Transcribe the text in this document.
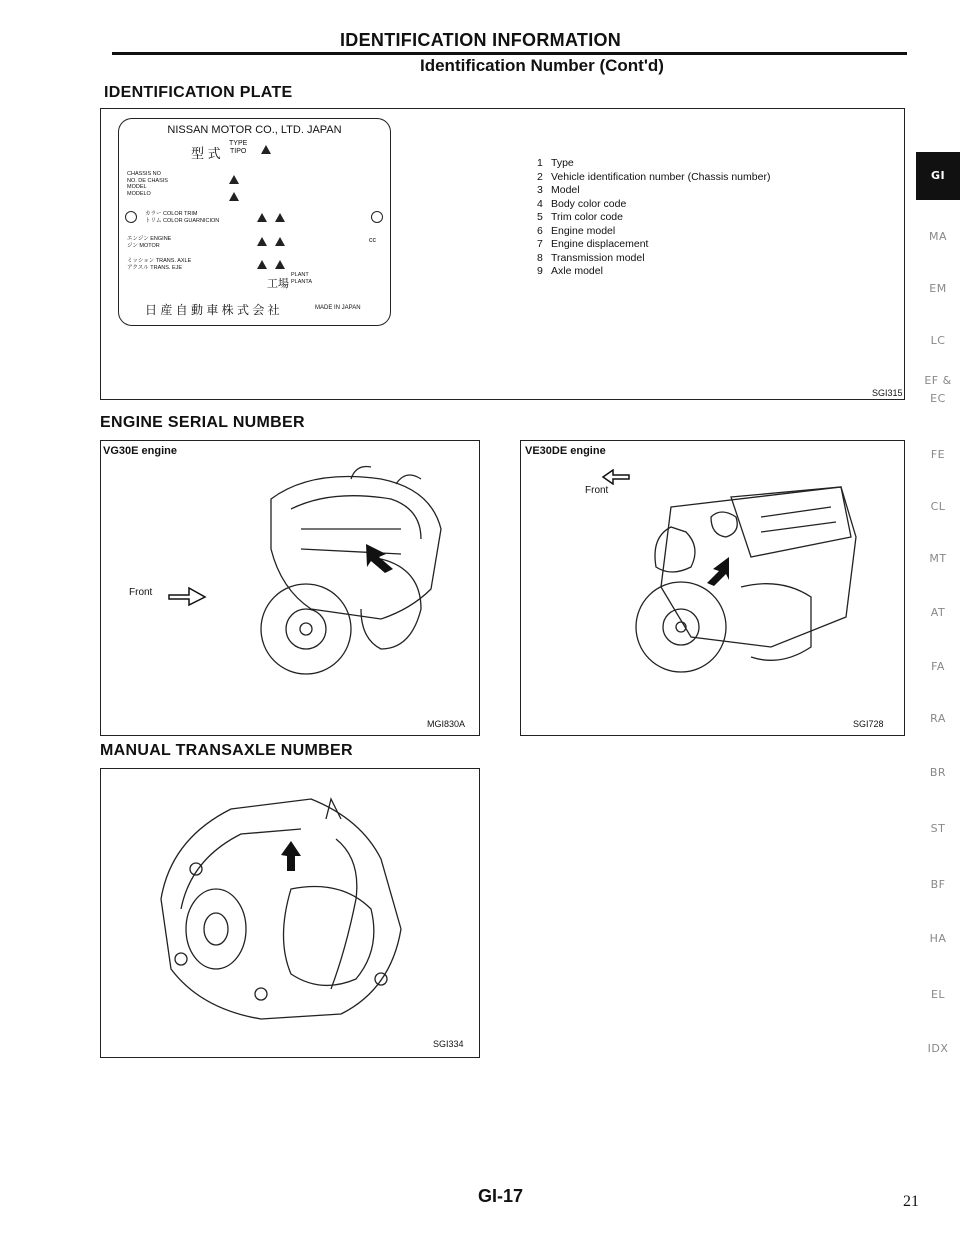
IDENTIFICATION INFORMATION
Identification Number (Cont'd)
IDENTIFICATION PLATE
NISSAN MOTOR CO., LTD. JAPAN
型 式
TYPE
TIPO
CHASSIS NO
NO. DE CHASIS
MODEL
MODELO
カラー COLOR TRIM
トリム COLOR GUARNICION
エンジン ENGINE
ジン MOTOR
cc
ミッション TRANS. AXLE
アクスル TRANS. EJE
工場
PLANT
PLANTA
日 産 自 動 車 株 式 会 社	MADE IN JAPAN
1 Type
2 Vehicle identification number (Chassis number)
3 Model
4 Body color code
5 Trim color code
6 Engine model
7 Engine displacement
8 Transmission model
9 Axle model
SGI315
ENGINE SERIAL NUMBER
VG30E engine
Front
MGI830A
VE30DE engine
Front
SGI728
MANUAL TRANSAXLE NUMBER
SGI334
GI
MA
EM
LC
EF &
EC
FE
CL
MT
AT
FA
RA
BR
ST
BF
HA
EL
IDX
GI-17	21
